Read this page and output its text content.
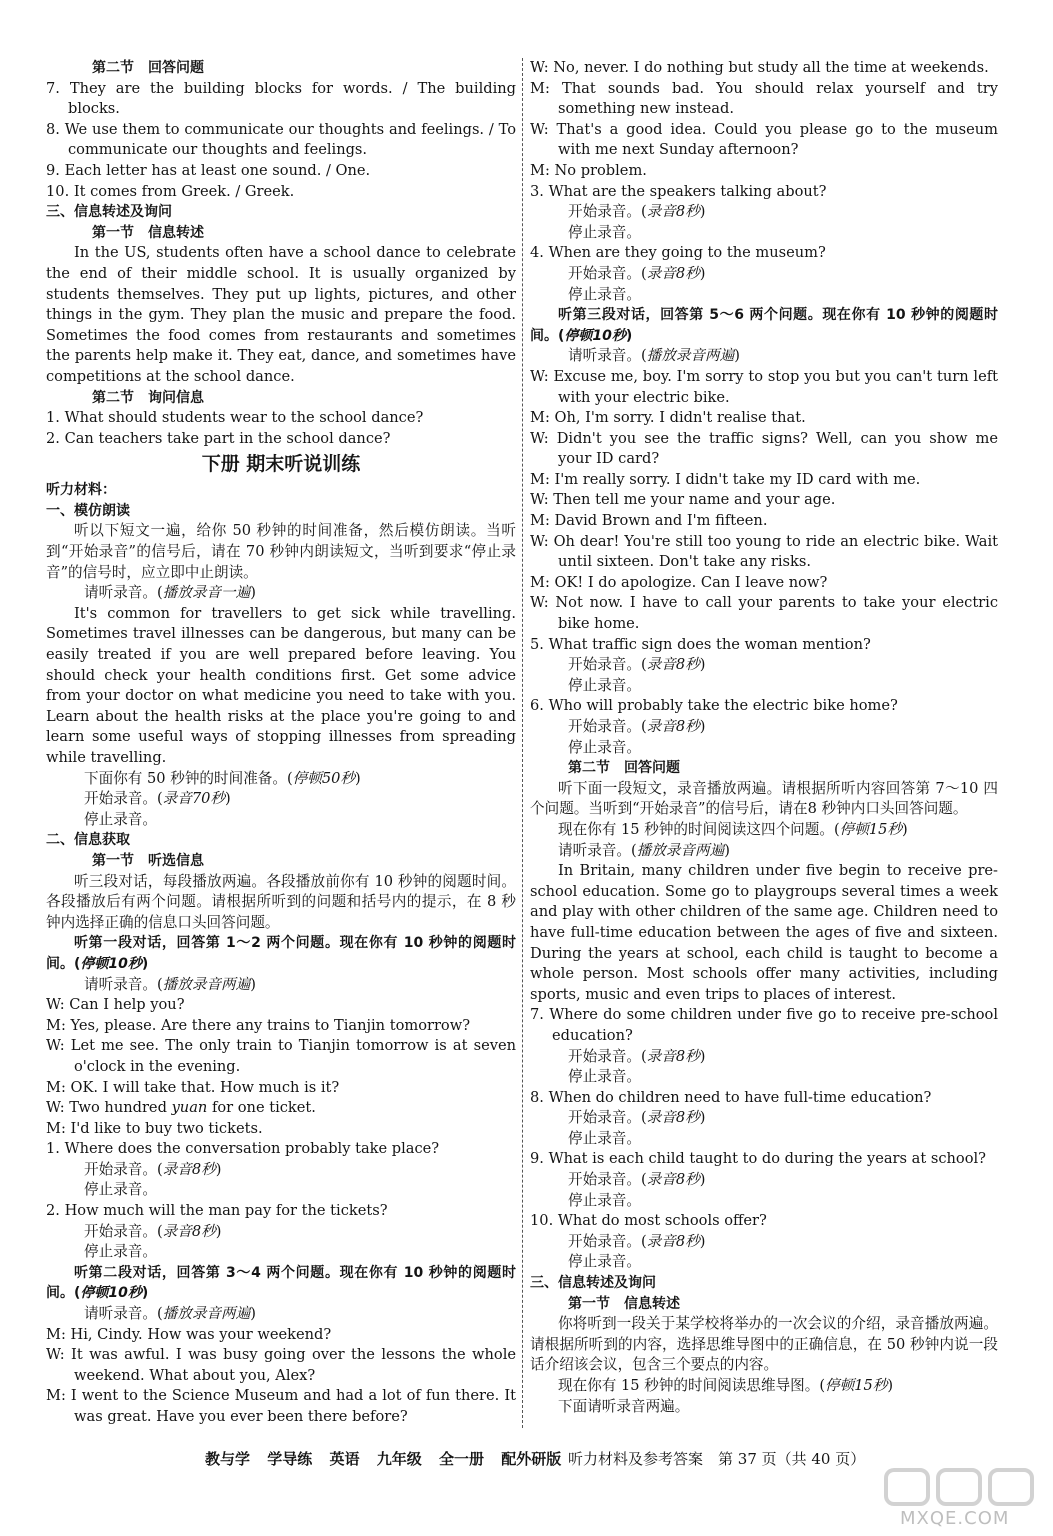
第二节　回答问题
7. They are the building blocks for words. / The building blocks.
8. We use them to communicate our thoughts and feelings. / To communicate our thoughts and feelings.
9. Each letter has at least one sound. / One.
10. It comes from Greek. / Greek.
三、信息转述及询问
第一节　信息转述
In the US, students often have a school dance to celebrate the end of their middle school. It is usually organized by students themselves. They put up lights, pictures, and other things in the gym. They plan the music and prepare the food. Sometimes the food comes from restaurants and sometimes the parents help make it. They eat, dance, and sometimes have competitions at the school dance.
第二节　询问信息
1. What should students wear to the school dance?
2. Can teachers take part in the school dance?
下册 期末听说训练
听力材料：
一、模仿朗读
听以下短文一遍，给你 50 秒钟的时间准备，然后模仿朗读。当听到“开始录音”的信号后，请在 70 秒钟内朗读短文，当听到要求“停止录音”的信号时，应立即中止朗读。
请听录音。(播放录音一遍)
It's common for travellers to get sick while travelling. Sometimes travel illnesses can be dangerous, but many can be easily treated if you are well prepared before leaving. You should check your health conditions first. Get some advice from your doctor on what medicine you need to take with you. Learn about the health risks at the place you're going to and learn some useful ways of stopping illnesses from spreading while travelling.
下面你有 50 秒钟的时间准备。(停顿50秒)
开始录音。(录音70秒)
停止录音。
二、信息获取
第一节　听选信息
听三段对话，每段播放两遍。各段播放前你有 10 秒钟的阅题时间。各段播放后有两个问题。请根据所听到的问题和括号内的提示，在 8 秒钟内选择正确的信息口头回答问题。
听第一段对话，回答第 1～2 两个问题。现在你有 10 秒钟的阅题时间。(停顿10秒)
请听录音。(播放录音两遍)
W: Can I help you?
M: Yes, please. Are there any trains to Tianjin tomorrow?
W: Let me see. The only train to Tianjin tomorrow is at seven o'clock in the evening.
M: OK. I will take that. How much is it?
W: Two hundred yuan for one ticket.
M: I'd like to buy two tickets.
1. Where does the conversation probably take place?
开始录音。(录音8秒)
停止录音。
2. How much will the man pay for the tickets?
开始录音。(录音8秒)
停止录音。
听第二段对话，回答第 3～4 两个问题。现在你有 10 秒钟的阅题时间。(停顿10秒)
请听录音。(播放录音两遍)
M: Hi, Cindy. How was your weekend?
W: It was awful. I was busy going over the lessons the whole weekend. What about you, Alex?
M: I went to the Science Museum and had a lot of fun there. It was great. Have you ever been there before?
W: No, never. I do nothing but study all the time at weekends.
M: That sounds bad. You should relax yourself and try something new instead.
W: That's a good idea. Could you please go to the museum with me next Sunday afternoon?
M: No problem.
3. What are the speakers talking about?
开始录音。(录音8秒)
停止录音。
4. When are they going to the museum?
开始录音。(录音8秒)
停止录音。
听第三段对话，回答第 5～6 两个问题。现在你有 10 秒钟的阅题时间。(停顿10秒)
请听录音。(播放录音两遍)
W: Excuse me, boy. I'm sorry to stop you but you can't turn left with your electric bike.
M: Oh, I'm sorry. I didn't realise that.
W: Didn't you see the traffic signs? Well, can you show me your ID card?
M: I'm really sorry. I didn't take my ID card with me.
W: Then tell me your name and your age.
M: David Brown and I'm fifteen.
W: Oh dear! You're still too young to ride an electric bike. Wait until sixteen. Don't take any risks.
M: OK! I do apologize. Can I leave now?
W: Not now. I have to call your parents to take your electric bike home.
5. What traffic sign does the woman mention?
开始录音。(录音8秒)
停止录音。
6. Who will probably take the electric bike home?
开始录音。(录音8秒)
停止录音。
第二节　回答问题
听下面一段短文，录音播放两遍。请根据所听内容回答第 7～10 四个问题。当听到“开始录音”的信号后，请在8 秒钟内口头回答问题。
现在你有 15 秒钟的时间阅读这四个问题。(停顿15秒)
请听录音。(播放录音两遍)
In Britain, many children under five begin to receive pre-school education. Some go to playgroups several times a week and play with other children of the same age. Children need to have full-time education between the ages of five and sixteen. During the years at school, each child is taught to become a whole person. Most schools offer many activities, including sports, music and even trips to places of interest.
7. Where do some children under five go to receive pre-school education?
开始录音。(录音8秒)
停止录音。
8. When do children need to have full-time education?
开始录音。(录音8秒)
停止录音。
9. What is each child taught to do during the years at school?
开始录音。(录音8秒)
停止录音。
10. What do most schools offer?
开始录音。(录音8秒)
停止录音。
三、信息转述及询问
第一节　信息转述
你将听到一段关于某学校将举办的一次会议的介绍，录音播放两遍。请根据所听到的内容，选择思维导图中的正确信息，在 50 秒钟内说一段话介绍该会议，包含三个要点的内容。
现在你有 15 秒钟的时间阅读思维导图。(停顿15秒)
下面请听录音两遍。
教与学 学导练 英语 九年级 全一册 配外研版 听力材料及参考答案　第 37 页（共 40 页）
MXQE.COM
